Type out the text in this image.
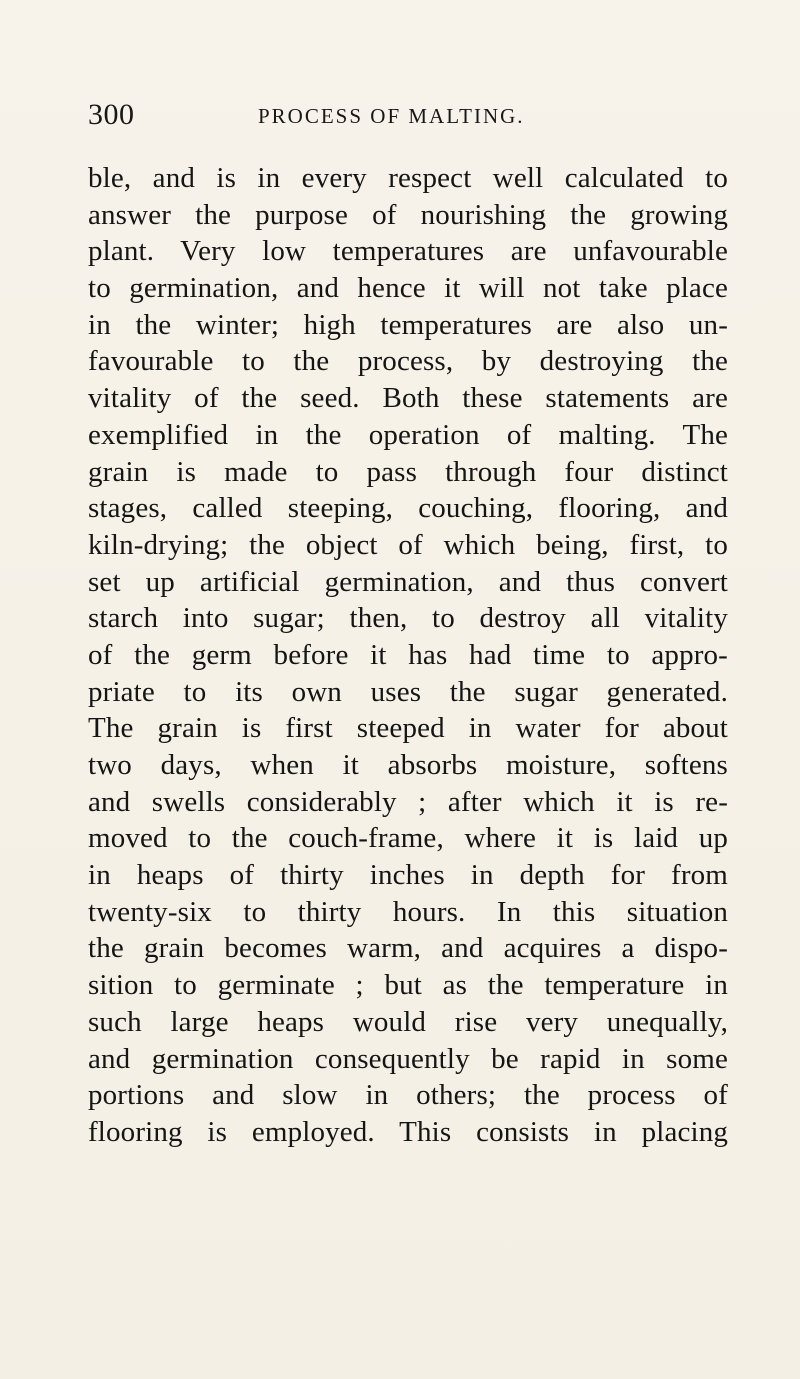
300	PROCESS OF MALTING.
ble, and is in every respect well calculated to
answer the purpose of nourishing the growing
plant. Very low temperatures are unfavourable
to germination, and hence it will not take place
in the winter; high temperatures are also un-
favourable to the process, by destroying the
vitality of the seed. Both these statements are
exemplified in the operation of malting. The
grain is made to pass through four distinct
stages, called steeping, couching, flooring, and
kiln-drying; the object of which being, first, to
set up artificial germination, and thus convert
starch into sugar; then, to destroy all vitality
of the germ before it has had time to appro-
priate to its own uses the sugar generated.
The grain is first steeped in water for about
two days, when it absorbs moisture, softens
and swells considerably ; after which it is re-
moved to the couch-frame, where it is laid up
in heaps of thirty inches in depth for from
twenty-six to thirty hours. In this situation
the grain becomes warm, and acquires a dispo-
sition to germinate ; but as the temperature in
such large heaps would rise very unequally,
and germination consequently be rapid in some
portions and slow in others; the process of
flooring is employed. This consists in placing
